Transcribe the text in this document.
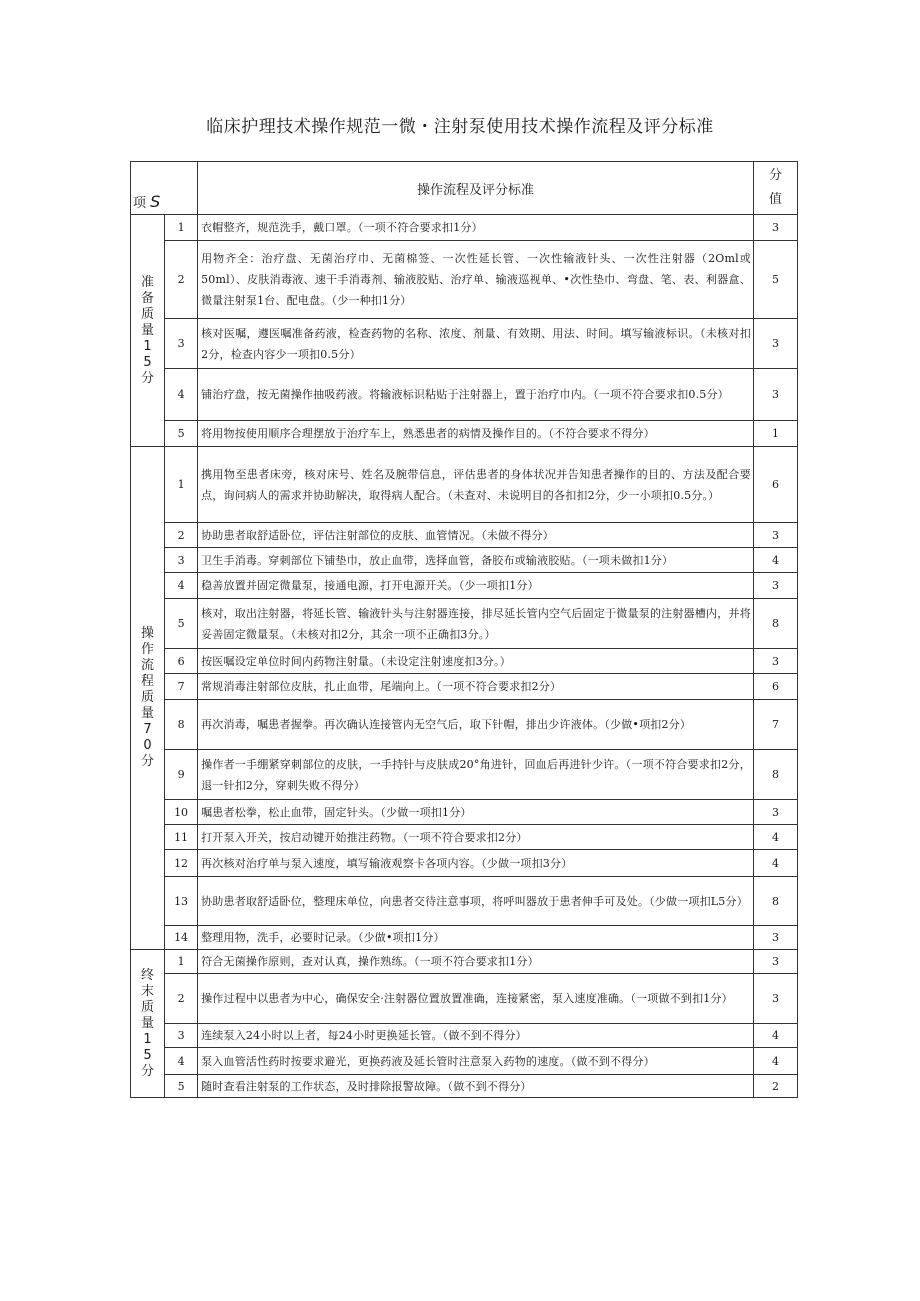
临床护理技术操作规范一微・注射泵使用技术操作流程及评分标准
项 S		操作流程及评分标准	分
值

准备质量15分	1	衣帽整齐，规范洗手，戴口罩。（一项不符合要求扣1分）	3
	2	用物齐全：治疗盘、无菌治疗巾、无菌棉签、一次性延长管、一次性输液针头、一次性注射器（2Oml或50ml）、皮肤消毒液、速干手消毒剂、输液胶贴、治疗单、输液巡视单、•次性垫巾、弯盘、笔、表、利器盒、微量注射泵1台、配电盘。（少一种扣1分）	5
	3	核对医嘱，遵医嘱准备药液，检查药物的名称、浓度、剂量、有效期、用法、时间。填写输液标识。（未核对扣2分，检查内容少一项扣0.5分）	3
	4	铺治疗盘，按无菌操作抽吸药液。将输液标识粘贴于注射器上，置于治疗巾内。（一项不符合要求扣0.5分）	3
	5	将用物按使用顺序合理摆放于治疗车上，熟悉患者的病情及操作目的。（不符合要求不得分）	1

操作流程质量70分	1	携用物至患者床旁，核对床号、姓名及腕带信息，评估患者的身体状况并告知患者操作的目的、方法及配合要点，询问病人的需求并协助解决，取得病人配合。（未查对、未说明目的各扣扣2分，少一小项扣0.5分。）	6
	2	协助患者取舒适卧位，评估注射部位的皮肤、血管情况。（未做不得分）	3
	3	卫生手消毒。穿刺部位下铺垫巾，放止血带，选择血管，备胶布或输液胶贴。（一项未做扣1分）	4
	4	稳善放置并固定微量泵，接通电源，打开电源开关。（少一项扣1分）	3
	5	核对，取出注射器，将延长管、输液针头与注射器连接，排尽延长管内空气后固定于微量泵的注射器槽内，并将妥善固定微量泵。（未核对扣2分，其余一项不正确扣3分。）	8
	6	按医嘱设定单位时间内药物注射量。（未设定注射速度扣3分。）	3
	7	常规消毒注射部位皮肤，扎止血带，尾端向上。（一项不符合要求扣2分）	6
	8	再次消毒，嘱患者握拳。再次确认连接管内无空气后，取下针帽，排出少许液体。（少做•项扣2分）	7
	9	操作者一手绷紧穿刺部位的皮肤，一手持针与皮肤成20°角进针，回血后再进针少许。（一项不符合要求扣2分，退一针扣2分，穿刺失败不得分）	8
	10	嘱患者松拳，松止血带，固定针头。（少做一项扣1分）	3
	11	打开泵入开关，按启动键开始推注药物。（一项不符合要求扣2分）	4
	12	再次核对治疗单与泵入速度，填写输液观察卡各项内容。（少做一项扣3分）	4
	13	协助患者取舒适卧位，整理床单位，向患者交待注意事项，将呼叫器放于患者伸手可及处。（少做一项扣L5分）	8
	14	整理用物，洗手，必要时记录。（少做•项扣1分）	3

终末质量15分	1	符合无菌操作原则，查对认真，操作熟练。（一项不符合要求扣1分）	3
	2	操作过程中以患者为中心，确保安全·注射器位置放置准确，连接紧密，泵入速度准确。（一项做不到扣1分）	3
	3	连续泵入24小时以上者，每24小时更换延长管。（做不到不得分）	4
	4	泵入血管活性药时按要求避光，更换药液及延长管时注意泵入药物的速度。（做不到不得分）	4
	5	随时查看注射泵的工作状态，及时排除报警故障。（做不到不得分）	2
